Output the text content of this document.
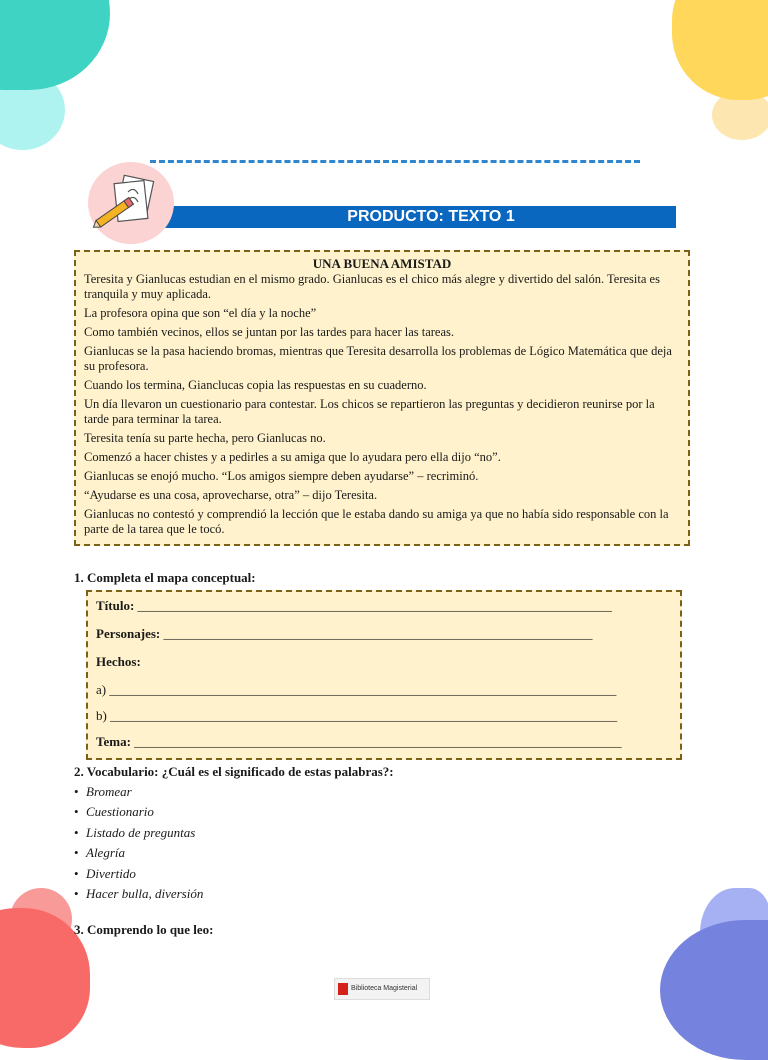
PRODUCTO: TEXTO 1
UNA BUENA AMISTAD

Teresita y Gianlucas estudian en el mismo grado. Gianlucas es el chico más alegre y divertido del salón. Teresita es tranquila y muy aplicada.

La profesora opina que son “el día y la noche”

Como también vecinos, ellos se juntan por las tardes para hacer las tareas.

Gianlucas se la pasa haciendo bromas, mientras que Teresita desarrolla los problemas de Lógico Matemática que deja su profesora.

Cuando los termina, Gianclucas copia las respuestas en su cuaderno.

Un día llevaron un cuestionario para contestar. Los chicos se repartieron las preguntas y decidieron reunirse por la tarde para terminar la tarea.

Teresita tenía su parte hecha, pero Gianlucas no.

Comenzó a hacer chistes y a pedirles a su amiga que lo ayudara pero ella dijo “no”.

Gianlucas se enojó mucho. “Los amigos siempre deben ayudarse” – recriminó.

“Ayudarse es una cosa, aprovecharse, otra” – dijo Teresita.

Gianlucas no contestó y comprendió la lección que le estaba dando su amiga ya que no había sido responsable con la parte de la tarea que le tocó.

1. Completa el mapa conceptual:
Título: _________________________________________________________________________
Personajes: __________________________________________________________________
Hechos:
a) ______________________________________________________________________________
b) ______________________________________________________________________________
Tema: ___________________________________________________________________________
2. Vocabulario: ¿Cuál es el significado de estas palabras?:
• Bromear
• Cuestionario
• Listado de preguntas
• Alegría
• Divertido
• Hacer bulla, diversión
3. Comprendo lo que leo:
Biblioteca Magisterial
